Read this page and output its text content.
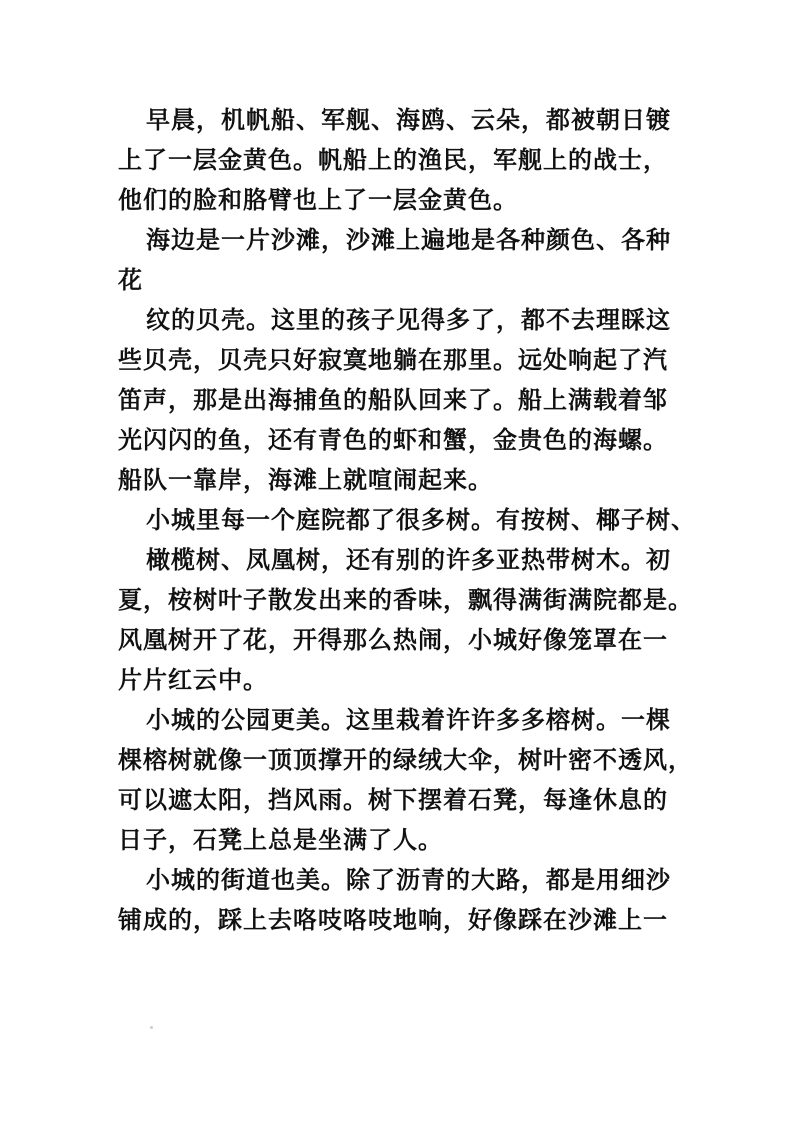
早晨，机帆船、军舰、海鸥、云朵，都被朝日镀
上了一层金黄色。帆船上的渔民，军舰上的战士，
他们的脸和胳臂也上了一层金黄色。
海边是一片沙滩，沙滩上遍地是各种颜色、各种
花
纹的贝壳。这里的孩子见得多了，都不去理睬这
些贝壳，贝壳只好寂寞地躺在那里。远处响起了汽
笛声，那是出海捕鱼的船队回来了。船上满载着邹
光闪闪的鱼，还有青色的虾和蟹，金贵色的海螺。
船队一靠岸，海滩上就喧闹起来。
小城里每一个庭院都了很多树。有按树、椰子树、
橄榄树、凤凰树，还有别的许多亚热带树木。初
夏，桉树叶子散发出来的香味，飘得满街满院都是。
风凰树开了花，开得那么热闹，小城好像笼罩在一
片片红云中。
小城的公园更美。这里栽着许许多多榕树。一棵
棵榕树就像一顶顶撑开的绿绒大伞，树叶密不透风，
可以遮太阳，挡风雨。树下摆着石凳，每逢休息的
日子，石凳上总是坐满了人。
小城的街道也美。除了沥青的大路，都是用细沙
铺成的，踩上去咯吱咯吱地响，好像踩在沙滩上一
